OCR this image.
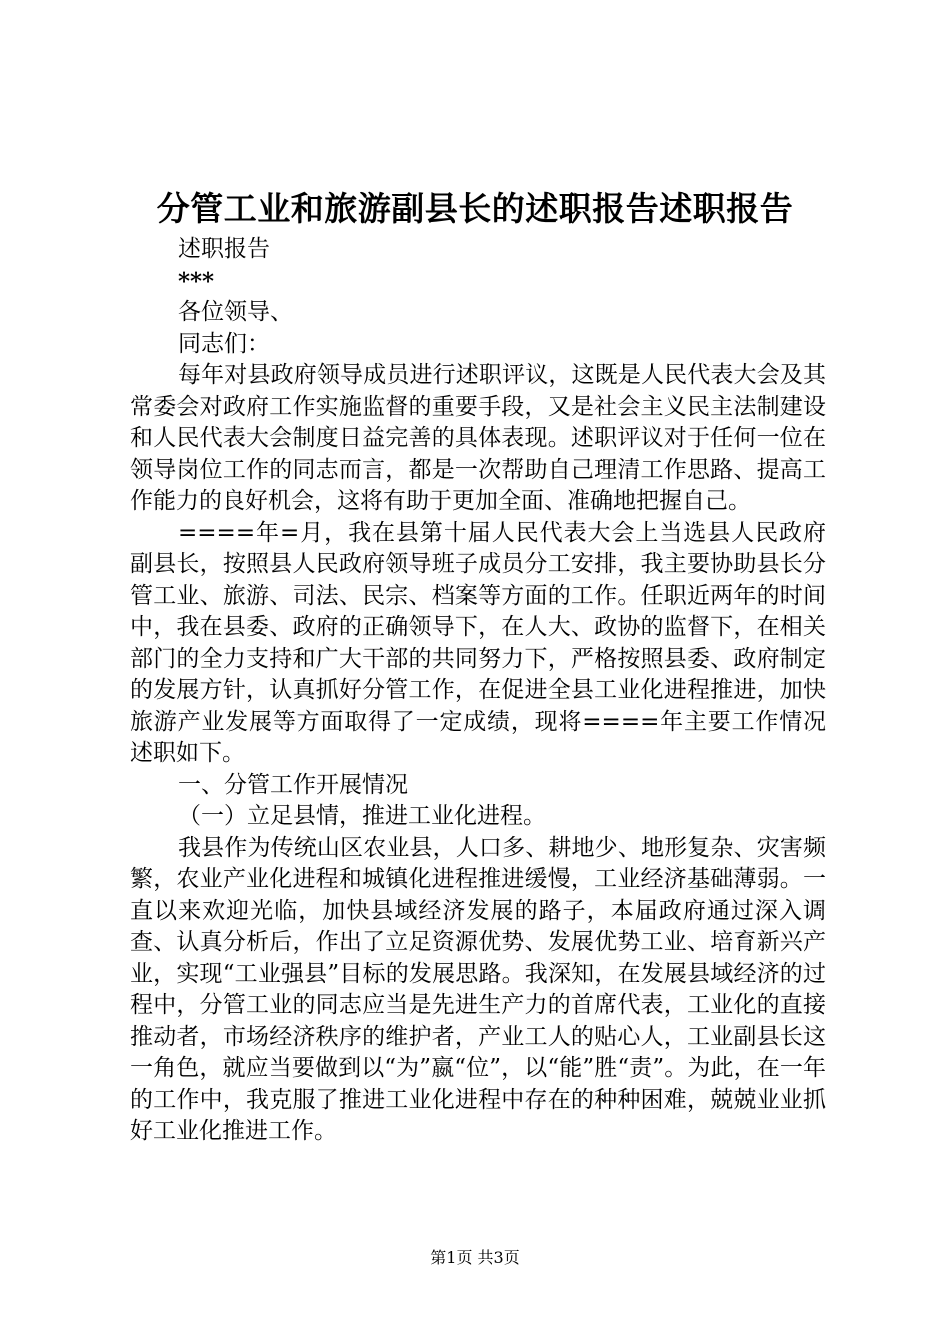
分管工业和旅游副县长的述职报告述职报告
述职报告
***
各位领导、
同志们：

每年对县政府领导成员进行述职评议，这既是人民代表大会及其常委会对政府工作实施监督的重要手段，又是社会主义民主法制建设和人民代表大会制度日益完善的具体表现。述职评议对于任何一位在领导岗位工作的同志而言，都是一次帮助自己理清工作思路、提高工作能力的良好机会，这将有助于更加全面、准确地把握自己。

====年=月，我在县第十届人民代表大会上当选县人民政府副县长，按照县人民政府领导班子成员分工安排，我主要协助县长分管工业、旅游、司法、民宗、档案等方面的工作。任职近两年的时间中，我在县委、政府的正确领导下，在人大、政协的监督下，在相关部门的全力支持和广大干部的共同努力下，严格按照县委、政府制定的发展方针，认真抓好分管工作，在促进全县工业化进程推进，加快旅游产业发展等方面取得了一定成绩，现将====年主要工作情况述职如下。

一、分管工作开展情况
（一）立足县情，推进工业化进程。

我县作为传统山区农业县，人口多、耕地少、地形复杂、灾害频繁，农业产业化进程和城镇化进程推进缓慢，工业经济基础薄弱。一直以来欢迎光临，加快县域经济发展的路子，本届政府通过深入调查、认真分析后，作出了立足资源优势、发展优势工业、培育新兴产业，实现“工业强县”目标的发展思路。我深知，在发展县域经济的过程中，分管工业的同志应当是先进生产力的首席代表，工业化的直接推动者，市场经济秩序的维护者，产业工人的贴心人，工业副县长这一角色，就应当要做到以“为”嬴“位”，以“能”胜“责”。为此，在一年的工作中，我克服了推进工业化进程中存在的种种困难，兢兢业业抓好工业化推进工作。

第1页 共3页
